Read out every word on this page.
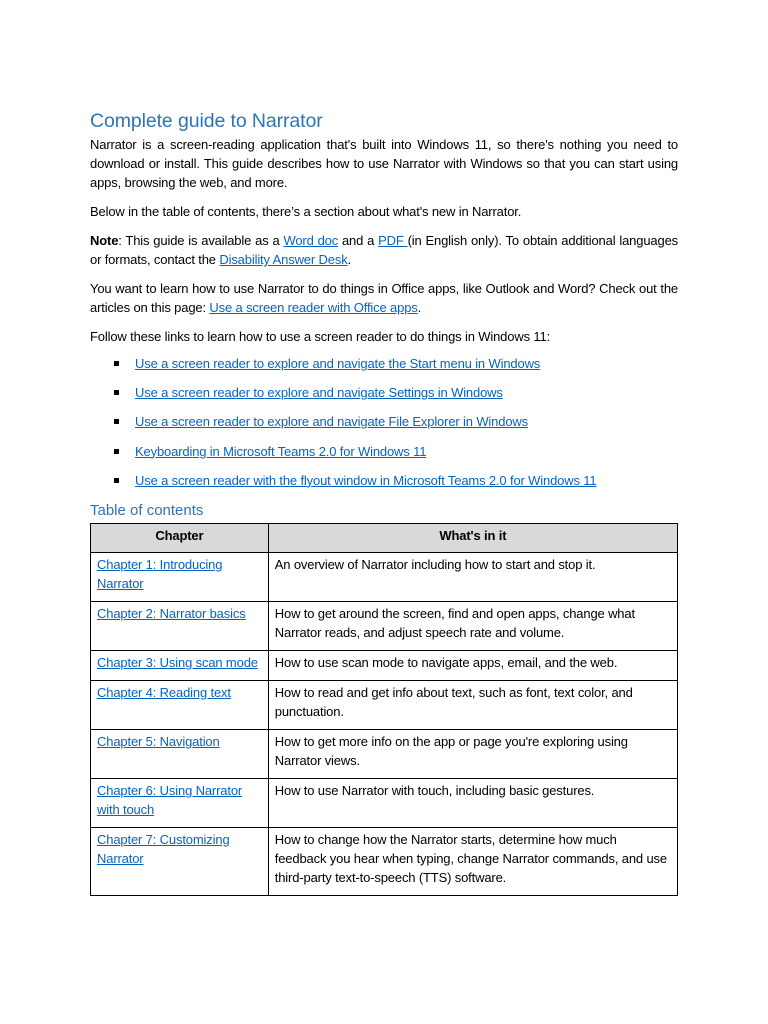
Complete guide to Narrator

Narrator is a screen-reading application that's built into Windows 11, so there's nothing you need to download or install. This guide describes how to use Narrator with Windows so that you can start using apps, browsing the web, and more.

Below in the table of contents, there’s a section about what's new in Narrator.

Note: This guide is available as a Word doc and a PDF (in English only). To obtain additional languages or formats, contact the Disability Answer Desk.

You want to learn how to use Narrator to do things in Office apps, like Outlook and Word? Check out the articles on this page: Use a screen reader with Office apps.

Follow these links to learn how to use a screen reader to do things in Windows 11:

Use a screen reader to explore and navigate the Start menu in Windows
Use a screen reader to explore and navigate Settings in Windows
Use a screen reader to explore and navigate File Explorer in Windows
Keyboarding in Microsoft Teams 2.0 for Windows 11
Use a screen reader with the flyout window in Microsoft Teams 2.0 for Windows 11
Table of contents
Chapter	What's in it
Chapter 1: Introducing Narrator	An overview of Narrator including how to start and stop it.
Chapter 2: Narrator basics	How to get around the screen, find and open apps, change what Narrator reads, and adjust speech rate and volume.
Chapter 3: Using scan mode	How to use scan mode to navigate apps, email, and the web.
Chapter 4: Reading text	How to read and get info about text, such as font, text color, and punctuation.
Chapter 5: Navigation	How to get more info on the app or page you're exploring using Narrator views.
Chapter 6: Using Narrator with touch	How to use Narrator with touch, including basic gestures.
Chapter 7: Customizing Narrator	How to change how the Narrator starts, determine how much feedback you hear when typing, change Narrator commands, and use third-party text-to-speech (TTS) software.
